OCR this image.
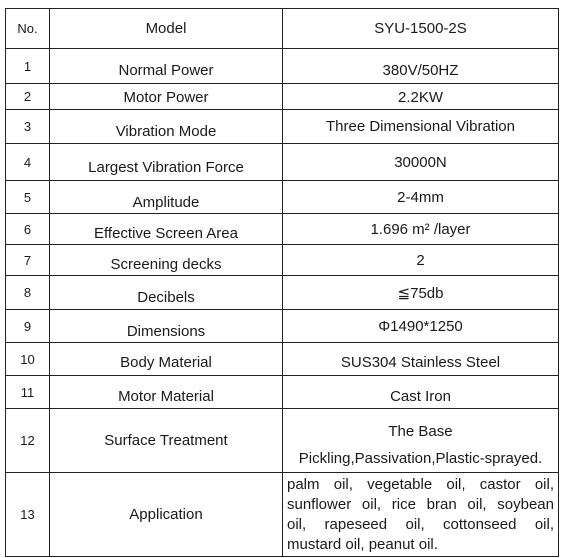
No.	Model	SYU-1500-2S
1	Normal Power	380V/50HZ
2	Motor Power	2.2KW
3	Vibration Mode	Three Dimensional Vibration
4	Largest Vibration Force	30000N
5	Amplitude	2-4mm
6	Effective Screen Area	1.696 m² /layer
7	Screening decks	2
8	Decibels	≦75db
9	Dimensions	Φ1490*1250
10	Body Material	SUS304 Stainless Steel
11	Motor Material	Cast Iron
12	Surface Treatment	The Base
Pickling,Passivation,Plastic-sprayed.

13	Application	palm oil, vegetable oil, castor oil,
sunflower oil, rice bran oil, soybean
oil, rapeseed oil, cottonseed oil,
mustard oil, peanut oil.
